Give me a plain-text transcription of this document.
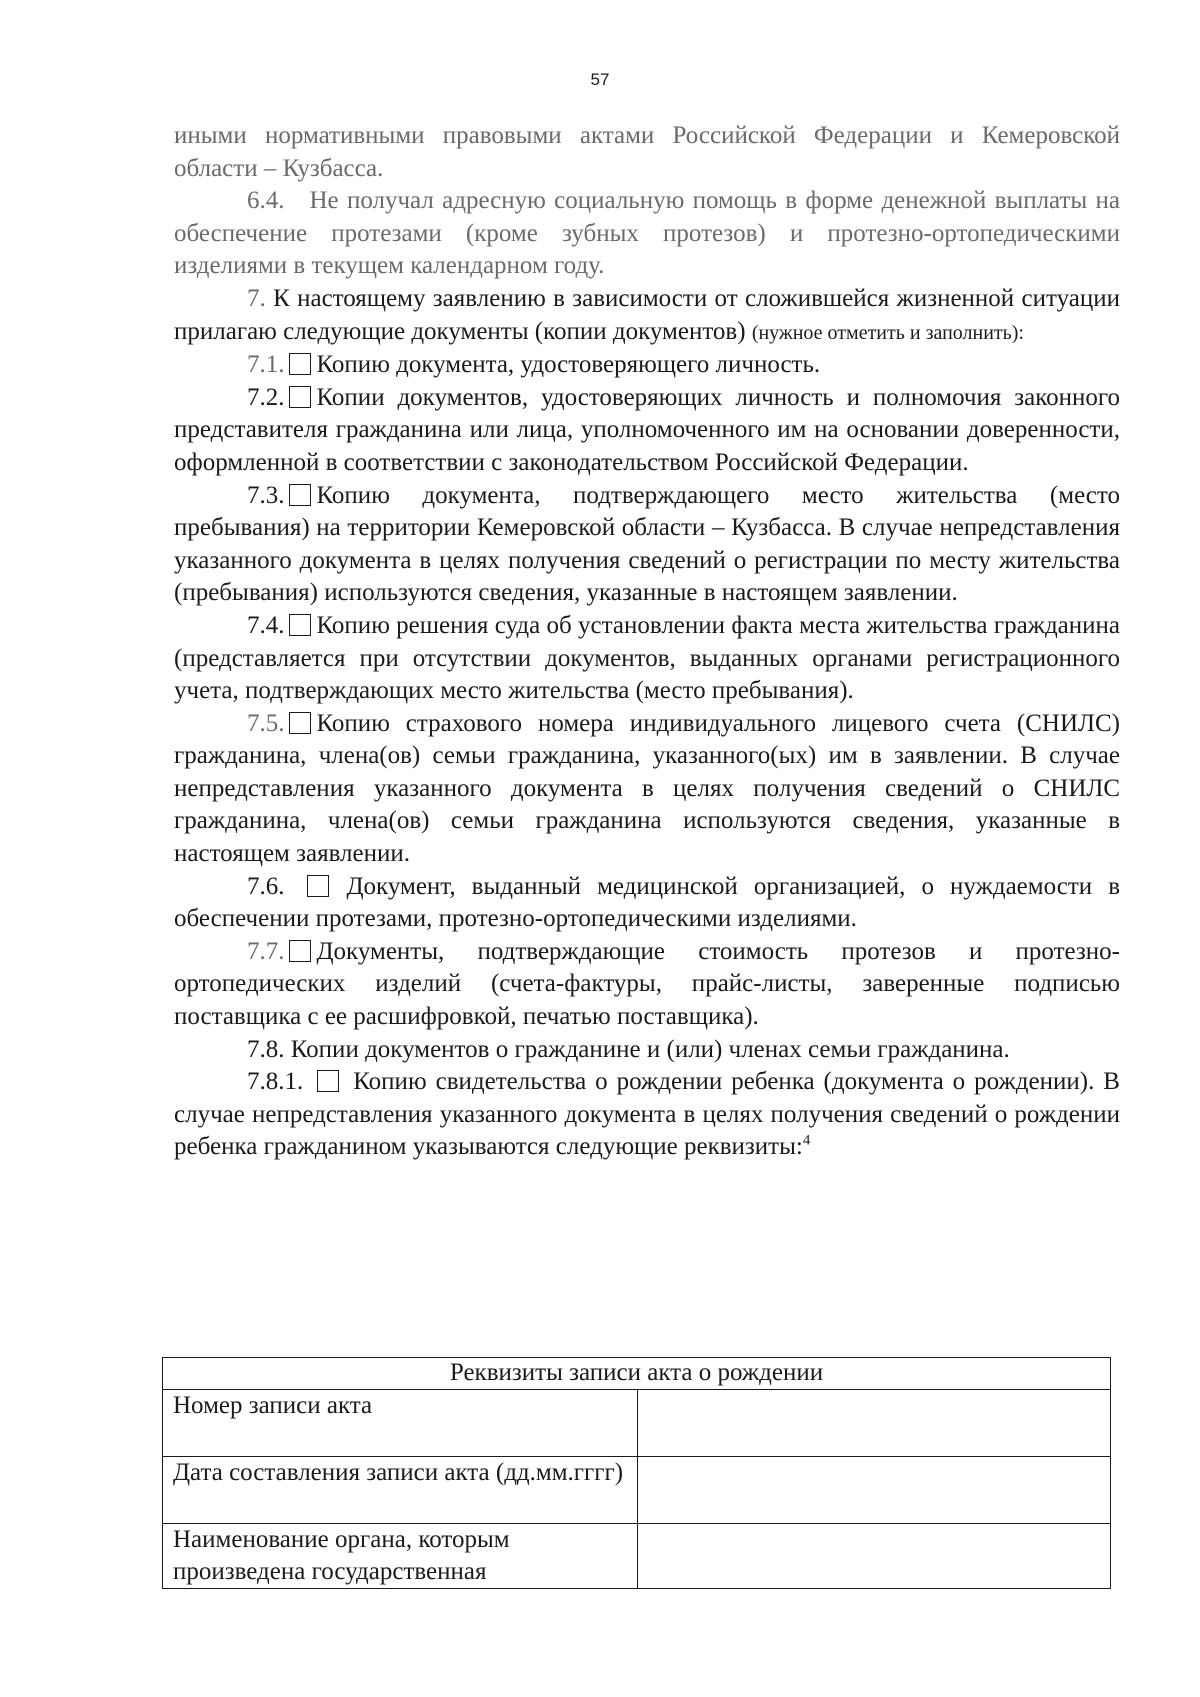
57

иными нормативными правовыми актами Российской Федерации и Кемеровской области – Кузбасса.

6.4. Не получал адресную социальную помощь в форме денежной выплаты на обеспечение протезами (кроме зубных протезов) и протезно-ортопедическими изделиями в текущем календарном году.

7. К настоящему заявлению в зависимости от сложившейся жизненной ситуации прилагаю следующие документы (копии документов) (нужное отметить и заполнить):

7.1. Копию документа, удостоверяющего личность.

7.2. Копии документов, удостоверяющих личность и полномочия законного представителя гражданина или лица, уполномоченного им на основании доверенности, оформленной в соответствии с законодательством Российской Федерации.

7.3. Копию документа, подтверждающего место жительства (место пребывания) на территории Кемеровской области – Кузбасса. В случае непредставления указанного документа в целях получения сведений о регистрации по месту жительства (пребывания) используются сведения, указанные в настоящем заявлении.

7.4. Копию решения суда об установлении факта места жительства гражданина (представляется при отсутствии документов, выданных органами регистрационного учета, подтверждающих место жительства (место пребывания).

7.5. Копию страхового номера индивидуального лицевого счета (СНИЛС) гражданина, члена(ов) семьи гражданина, указанного(ых) им в заявлении. В случае непредставления указанного документа в целях получения сведений о СНИЛС гражданина, члена(ов) семьи гражданина используются сведения, указанные в настоящем заявлении.

7.6. Документ, выданный медицинской организацией, о нуждаемости в обеспечении протезами, протезно-ортопедическими изделиями.

7.7. Документы, подтверждающие стоимость протезов и протезно-ортопедических изделий (счета-фактуры, прайс-листы, заверенные подписью поставщика с ее расшифровкой, печатью поставщика).

7.8. Копии документов о гражданине и (или) членах семьи гражданина.

7.8.1. Копию свидетельства о рождении ребенка (документа о рождении). В случае непредставления указанного документа в целях получения сведений о рождении ребенка гражданином указываются следующие реквизиты:$^4$

Реквизиты записи акта о рождении	
Номер записи акта	
Дата составления записи акта (дд.мм.гггг)	
Наименование органа, которым произведена государственная	
